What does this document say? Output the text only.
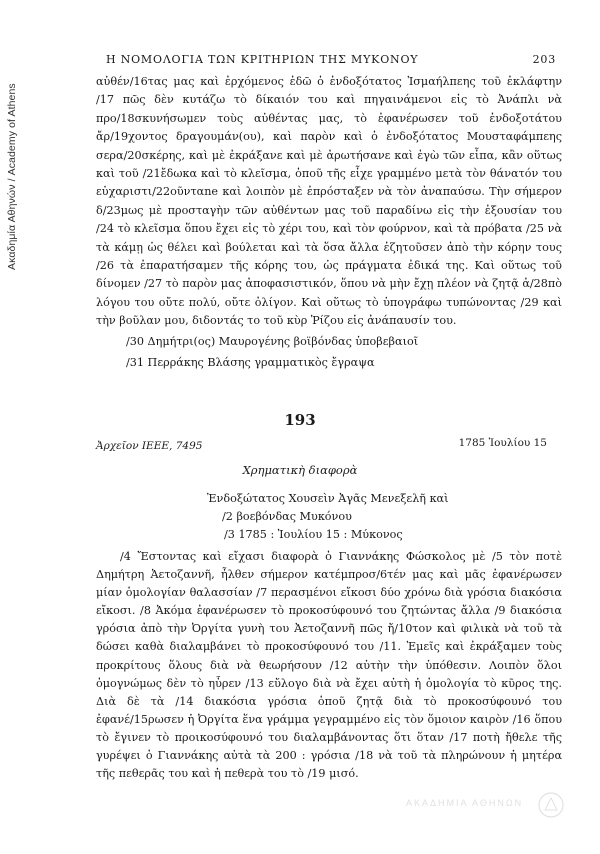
Ακαδημία Αθηνών / Academy of Athens
Η ΝΟΜΟΛΟΓΙΑ ΤΩΝ ΚΡΙΤΗΡΙΩΝ ΤΗΣ ΜΥΚΟΝΟΥ	203

αὐθέν/16τας μας καὶ ἐρχόμενος ἐδῶ ὁ ἐνδοξότατος Ἰσμαήλπεης τοῦ ἐκλάφτην /17 πῶς δὲν κυτάζω τὸ δίκαιόν του καὶ πηγαινάμενοι εἰς τὸ Ἀνάπλι νὰ προ/18σκυνήσωμεν τοὺς αὐθέντας μας, τὸ ἐφανέρωσεν τοῦ ἐνδοξοτάτου ἄρ/19χοντος δραγουμάν(ου), καὶ παρὸν καὶ ὁ ἐνδοξότατος Μουσταφάμπεης σερα/20σκέρης, καὶ μὲ ἐκράξανε καὶ μὲ ἀρωτήσανε καὶ ἐγὼ τῶν εἶπα, κἂν οὕτως καὶ τοῦ /21ἔδωκα καὶ τὸ κλεῖσμα, ὁποῦ τῆς εἶχε γραμμένο μετὰ τὸν θάνατόν του εὐχαριστι/22οῦνταne καὶ λοιπὸν μὲ ἐπρόσταξεν νὰ τὸν ἀναπαύσω. Τὴν σήμερον δ/23μως μὲ προσταγὴν τῶν αὐθέντων μας τοῦ παραδίνω εἰς τὴν ἐξουσίαν του /24 τὸ κλεῖσμα ὅπου ἔχει εἰς τὸ χέρι του, καὶ τὸν φούρνον, καὶ τὰ πρόβατα /25 νὰ τὰ κάμῃ ὡς θέλει καὶ βούλεται καὶ τὰ ὅσα ἄλλα ἐζητοῦσεν ἀπὸ τὴν κόρην τους /26 τὰ ἐπαρατήσαμεν τῆς κόρης του, ὡς πράγματα ἐδικά της. Καὶ οὕτως τοῦ δίνομεν /27 τὸ παρὸν μας ἀποφασιστικόν, ὅπου νὰ μὴν ἔχῃ πλέον νὰ ζητᾷ ἀ/28πὸ λόγου του οὔτε πολύ, οὔτε ὀλίγον. Καὶ οὕτως τὸ ὑπογράφω τυπώνοντας /29 καὶ τὴν βοῦλαν μου, διδοντάς το τοῦ κὺρ Ῥίζου εἰς ἀνάπαυσίν του.

/30 Δημήτρι(ος) Μαυρογένης βοϊβόνδας ὑποβεβαιοῖ
/31 Περράκης Βλάσης γραμματικὸς ἔγραψα
193
Ἀρχεῖον ΙΕΕΕ, 7495	1785 Ἰουλίου 15
Χρηματικὴ διαφορὰ
Ἐνδοξώτατος Χουσεὶν Ἀγᾶς Μενεξελῆ καὶ
/2 βοεβόνδας Μυκόνου
/3 1785 : Ἰουλίου 15 : Μύκονος

/4 Ἔστοντας καὶ εἴχασι διαφορὰ ὁ Γιαννάκης Φώσκολος μὲ /5 τὸν ποτὲ Δημήτρη Ἀετοζαννῆ, ἦλθεν σήμερον κατέμπροσ/6τέν μας καὶ μᾶς ἐφανέρωσεν μίαν ὁμολογίαν θαλασσίαν /7 περασμένοι εἴκοσι δύο χρόνω διὰ γρόσια διακόσια εἴκοσι. /8 Ἀκόμα ἐφανέρωσεν τὸ προκοσύφουνό του ζητώντας ἄλλα /9 διακόσια γρόσια ἀπὸ τὴν Ὀργίτα γυνὴ του Ἀετοζαννῆ πῶς ἤ/10τον καὶ φιλικὰ νὰ τοῦ τὰ δώσει καθὰ διαλαμβάνει τὸ προκοσύφουνό του /11. Ἐμεῖς καὶ ἐκράξαμεν τοὺς προκρίτους ὅλους διὰ νὰ θεωρήσουν /12 αὐτὴν τὴν ὑπόθεσιν. Λοιπὸν ὅλοι ὁμογνώμως δὲν τὸ ηὗρεν /13 εὔλογο διὰ νὰ ἔχει αὐτὴ ἡ ὁμολογία τὸ κῦρος της. Διὰ δὲ τὰ /14 διακόσια γρόσια ὁποῦ ζητᾷ διὰ τὸ προκοσύφουνό του ἐφανέ/15ρωσεν ἡ Ὀργίτα ἕνα γράμμα γεγραμμένο εἰς τὸν ὅμοιον καιρὸν /16 ὅπου τὸ ἔγινεν τὸ προικοσύφουνό του διαλαμβάνοντας ὅτι ὅταν /17 ποτὴ ἤθελε τῆς γυρέψει ὁ Γιαννάκης αὐτὰ τὰ 200 : γρόσια /18 νὰ τοῦ τὰ πληρώνουν ἡ μητέρα τῆς πεθερᾶς του καὶ ἡ πεθερὰ του τὸ /19 μισό.

ΑΚΑΔΗΜΙΑ ΑΘΗΝΩΝ
